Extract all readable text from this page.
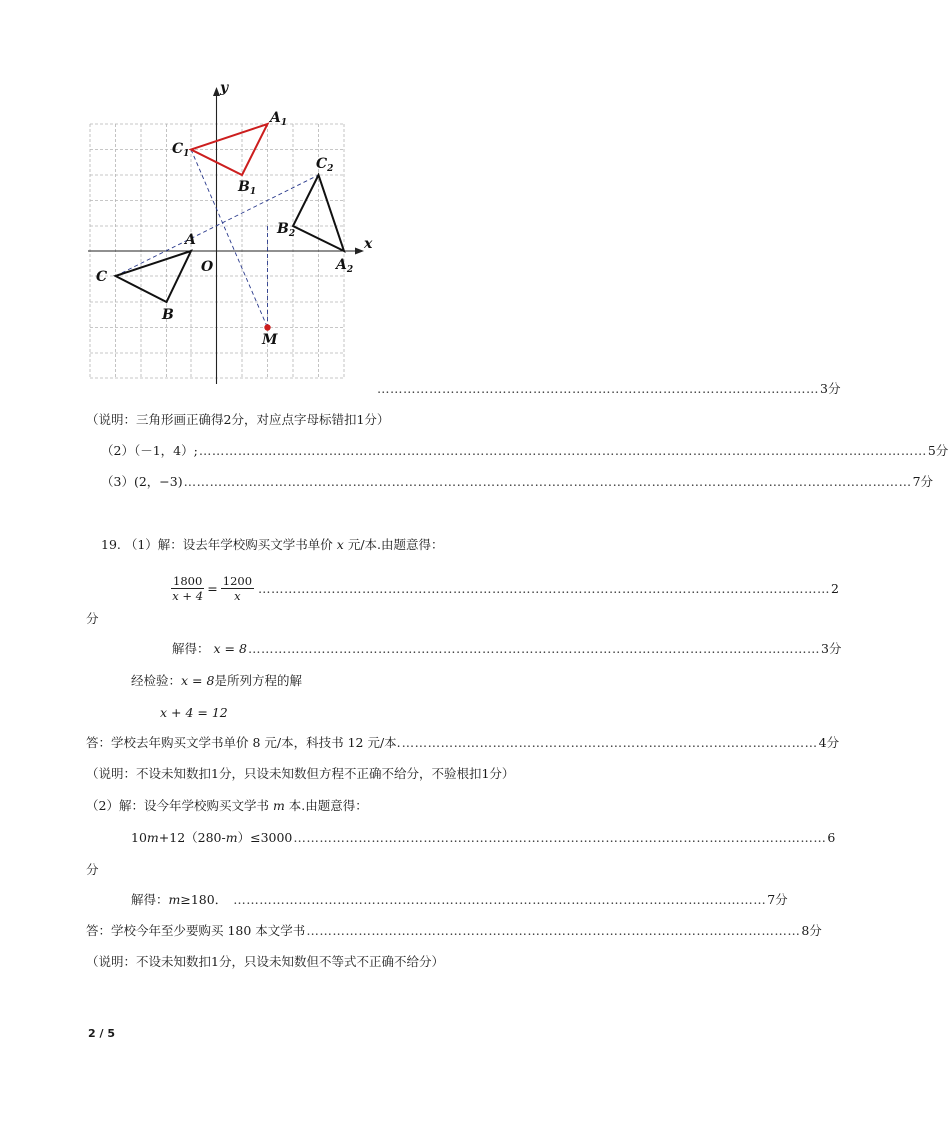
y
x
O
A
B
C
$A_1$
$B_1$
$C_1$
$A_2$
$B_2$
$C_2$
M
………………………………………………………………………………………… 3分
（说明：三角形画正确得2分，对应点字母标错扣1分）
（2）（－1，4）; …………………………………………………………………………………………………………………………………………………… 5分
（3）(2，−3) …………………………………………………………………………………………………………………………………………………… 7分
19. （1）解：设去年学校购买文学书单价 x 元/本.由题意得：
$\frac{1800}{x + 4} = \frac{1200}{x}$ …………………………………………………………………………………………………………………… 2
分
解得： x = 8 …………………………………………………………………………………………………………………… 3分
经检验：x = 8是所列方程的解
x + 4 = 12
答：学校去年购买文学书单价 8 元/本，科技书 12 元/本. …………………………………………………………………………………… 4分
（说明：不设未知数扣1分，只设未知数但方程不正确不给分，不验根扣1分）
（2）解：设今年学校购买文学书 m 本.由题意得：
10m+12（280-m）≤3000 …………………………………………………………………………………………………………… 6
分
解得： m ≥180． …………………………………………………………………………………………………………… 7分
答：学校今年至少要购买 180 本文学书 …………………………………………………………………………………………………… 8分
（说明：不设未知数扣1分，只设未知数但不等式不正确不给分）
2 / 5
